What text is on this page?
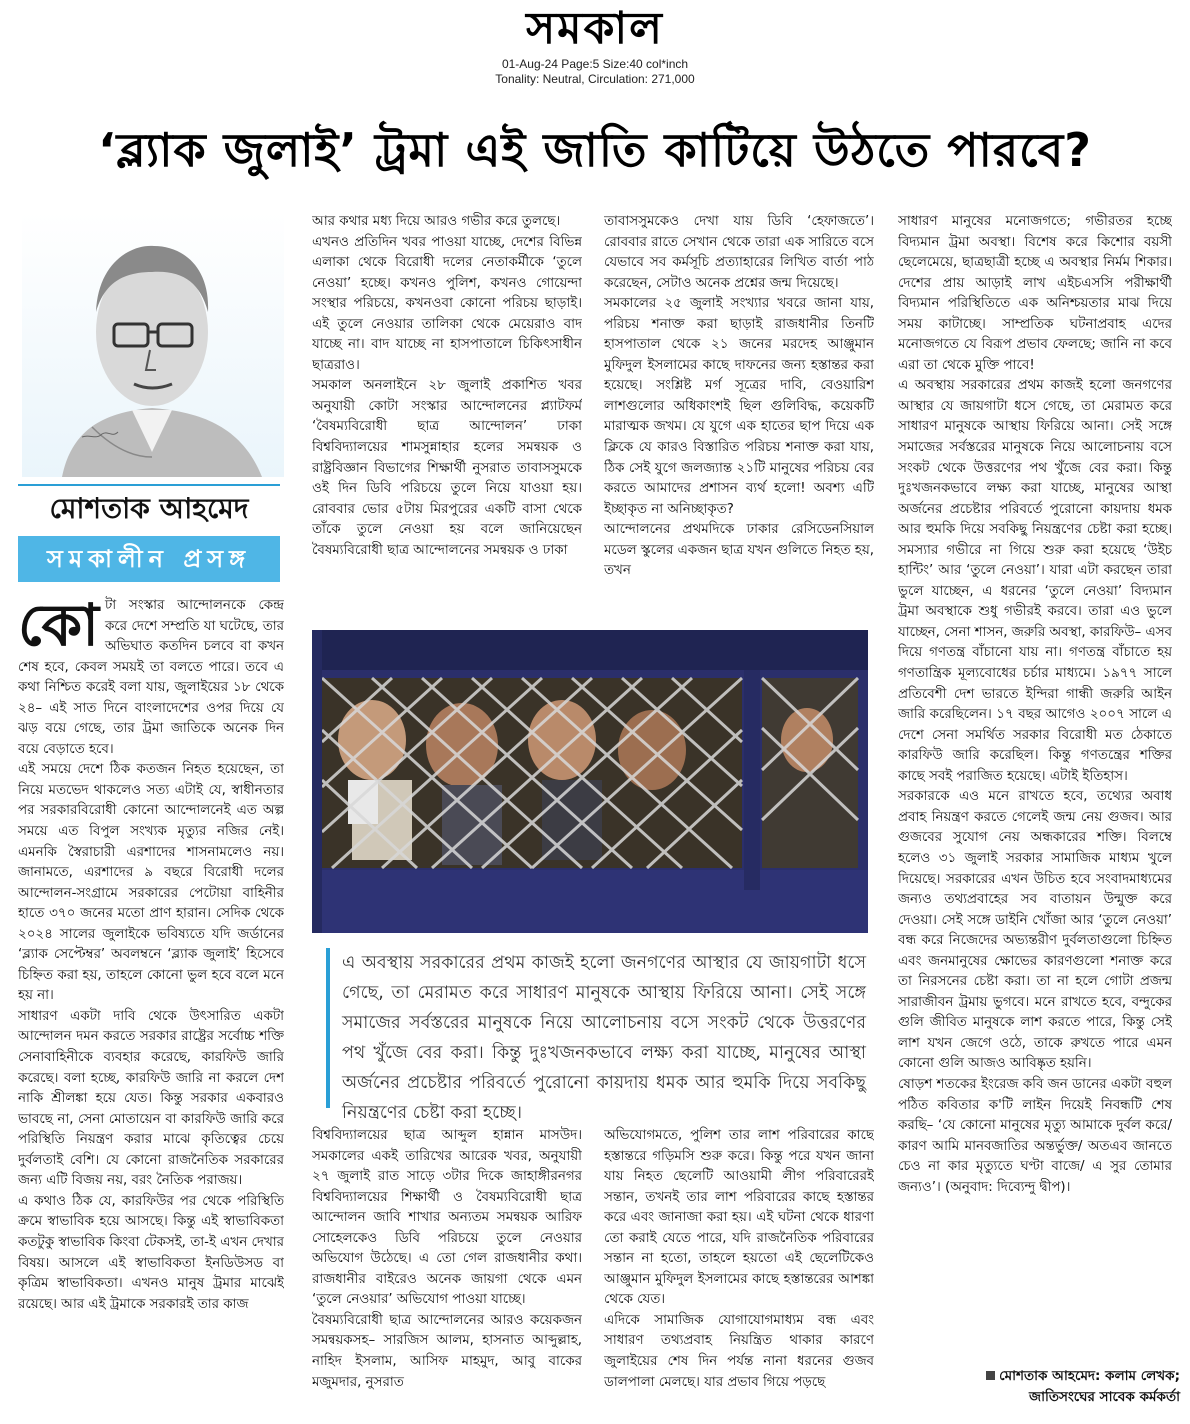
সমকাল
01-Aug-24 Page:5 Size:40 col*inch
Tonality: Neutral, Circulation: 271,000
‘ব্ল্যাক জুলাই’ ট্রমা এই জাতি কাটিয়ে উঠতে পারবে?
মোশতাক আহমেদ
সমকালীন প্রসঙ্গ
কো টা সংস্কার আন্দোলনকে কেন্দ্র করে দেশে সম্প্রতি যা ঘটেছে, তার অভিঘাত কতদিন চলবে বা কখন শেষ হবে, কেবল সময়ই তা বলতে পারে। তবে এ কথা নিশ্চিত করেই বলা যায়, জুলাইয়ের ১৮ থেকে ২৪– এই সাত দিনে বাংলাদেশের ওপর দিয়ে যে ঝড় বয়ে গেছে, তার ট্রমা জাতিকে অনেক দিন বয়ে বেড়াতে হবে।

এই সময়ে দেশে ঠিক কতজন নিহত হয়েছেন, তা নিয়ে মতভেদ থাকলেও সত্য এটাই যে, স্বাধীনতার পর সরকারবিরোধী কোনো আন্দোলনেই এত অল্প সময়ে এত বিপুল সংখ্যক মৃত্যুর নজির নেই। এমনকি স্বৈরাচারী এরশাদের শাসনামলেও নয়। জানামতে, এরশাদের ৯ বছরে বিরোধী দলের আন্দোলন-সংগ্রামে সরকারের পেটোয়া বাহিনীর হাতে ৩৭০ জনের মতো প্রাণ হারান। সেদিক থেকে ২০২৪ সালের জুলাইকে ভবিষ্যতে যদি জর্ডানের ‘ব্ল্যাক সেপ্টেম্বর’ অবলম্বনে ‘ব্ল্যাক জুলাই’ হিসেবে চিহ্নিত করা হয়, তাহলে কোনো ভুল হবে বলে মনে হয় না।

সাধারণ একটা দাবি থেকে উৎসারিত একটা আন্দোলন দমন করতে সরকার রাষ্ট্রের সর্বোচ্চ শক্তি সেনাবাহিনীকে ব্যবহার করেছে, কারফিউ জারি করেছে। বলা হচ্ছে, কারফিউ জারি না করলে দেশ নাকি শ্রীলঙ্কা হয়ে যেত। কিন্তু সরকার একবারও ভাবছে না, সেনা মোতায়েন বা কারফিউ জারি করে পরিস্থিতি নিয়ন্ত্রণ করার মাঝে কৃতিত্বের চেয়ে দুর্বলতাই বেশি। যে কোনো রাজনৈতিক সরকারের জন্য এটি বিজয় নয়, বরং নৈতিক পরাজয়।

এ কথাও ঠিক যে, কারফিউর পর থেকে পরিস্থিতি ক্রমে স্বাভাবিক হয়ে আসছে। কিন্তু এই স্বাভাবিকতা কতটুকু স্বাভাবিক কিংবা টেকসই, তা-ই এখন দেখার বিষয়। আসলে এই স্বাভাবিকতা ইনডিউসড বা কৃত্রিম স্বাভাবিকতা। এখনও মানুষ ট্রমার মাঝেই রয়েছে। আর এই ট্রমাকে সরকারই তার কাজ

আর কথার মধ্য দিয়ে আরও গভীর করে তুলছে।

এখনও প্রতিদিন খবর পাওয়া যাচ্ছে, দেশের বিভিন্ন এলাকা থেকে বিরোধী দলের নেতাকর্মীকে ‘তুলে নেওয়া’ হচ্ছে। কখনও পুলিশ, কখনও গোয়েন্দা সংস্থার পরিচয়ে, কখনওবা কোনো পরিচয় ছাড়াই। এই তুলে নেওয়ার তালিকা থেকে মেয়েরাও বাদ যাচ্ছে না। বাদ যাচ্ছে না হাসপাতালে চিকিৎসাধীন ছাত্ররাও।

সমকাল অনলাইনে ২৮ জুলাই প্রকাশিত খবর অনুযায়ী কোটা সংস্কার আন্দোলনের প্ল্যাটফর্ম ‘বৈষম্যবিরোধী ছাত্র আন্দোলন’ ঢাকা বিশ্ববিদ্যালয়ের শামসুন্নাহার হলের সমন্বয়ক ও রাষ্ট্রবিজ্ঞান বিভাগের শিক্ষার্থী নুসরাত তাবাসসুমকে ওই দিন ডিবি পরিচয়ে তুলে নিয়ে যাওয়া হয়। রোববার ভোর ৫টায় মিরপুরের একটি বাসা থেকে তাঁকে তুলে নেওয়া হয় বলে জানিয়েছেন বৈষম্যবিরোধী ছাত্র আন্দোলনের সমন্বয়ক ও ঢাকা

তাবাসসুমকেও দেখা যায় ডিবি ‘হেফাজতে’। রোববার রাতে সেখান থেকে তারা এক সারিতে বসে যেভাবে সব কর্মসূচি প্রত্যাহারের লিখিত বার্তা পাঠ করেছেন, সেটাও অনেক প্রশ্নের জন্ম দিয়েছে।

সমকালের ২৫ জুলাই সংখ্যার খবরে জানা যায়, পরিচয় শনাক্ত করা ছাড়াই রাজধানীর তিনটি হাসপাতাল থেকে ২১ জনের মরদেহ আঞ্জুমান মুফিদুল ইসলামের কাছে দাফনের জন্য হস্তান্তর করা হয়েছে। সংশ্লিষ্ট মর্গ সূত্রের দাবি, বেওয়ারিশ লাশগুলোর অধিকাংশই ছিল গুলিবিদ্ধ, কয়েকটি মারাত্মক জখম। যে যুগে এক হাতের ছাপ দিয়ে এক ক্লিকে যে কারও বিস্তারিত পরিচয় শনাক্ত করা যায়, ঠিক সেই যুগে জলজ্যান্ত ২১টি মানুষের পরিচয় বের করতে আমাদের প্রশাসন ব্যর্থ হলো! অবশ্য এটি ইচ্ছাকৃত না অনিচ্ছাকৃত?

আন্দোলনের প্রথমদিকে ঢাকার রেসিডেনসিয়াল মডেল স্কুলের একজন ছাত্র যখন গুলিতে নিহত হয়, তখন

এ অবস্থায় সরকারের প্রথম কাজই হলো জনগণের আস্থার যে জায়গাটা ধসে গেছে, তা মেরামত করে সাধারণ মানুষকে আস্থায় ফিরিয়ে আনা। সেই সঙ্গে সমাজের সর্বস্তরের মানুষকে নিয়ে আলোচনায় বসে সংকট থেকে উত্তরণের পথ খুঁজে বের করা। কিন্তু দুঃখজনকভাবে লক্ষ্য করা যাচ্ছে, মানুষের আস্থা অর্জনের প্রচেষ্টার পরিবর্তে পুরোনো কায়দায় ধমক আর হুমকি দিয়ে সবকিছু নিয়ন্ত্রণের চেষ্টা করা হচ্ছে।

বিশ্ববিদ্যালয়ের ছাত্র আব্দুল হান্নান মাসউদ। সমকালের একই তারিখের আরেক খবর, অনুযায়ী ২৭ জুলাই রাত সাড়ে ৩টার দিকে জাহাঙ্গীরনগর বিশ্ববিদ্যালয়ের শিক্ষার্থী ও বৈষম্যবিরোধী ছাত্র আন্দোলন জাবি শাখার অন্যতম সমন্বয়ক আরিফ সোহেলকেও ডিবি পরিচয়ে তুলে নেওয়ার অভিযোগ উঠেছে। এ তো গেল রাজধানীর কথা। রাজধানীর বাইরেও অনেক জায়গা থেকে এমন ‘তুলে নেওয়ার’ অভিযোগ পাওয়া যাচ্ছে।

বৈষম্যবিরোধী ছাত্র আন্দোলনের আরও কয়েকজন সমন্বয়কসহ– সারজিস আলম, হাসনাত আব্দুল্লাহ, নাহিদ ইসলাম, আসিফ মাহমুদ, আবু বাকের মজুমদার, নুসরাত

অভিযোগমতে, পুলিশ তার লাশ পরিবারের কাছে হস্তান্তরে গড়িমসি শুরু করে। কিন্তু পরে যখন জানা যায় নিহত ছেলেটি আওয়ামী লীগ পরিবারেরই সন্তান, তখনই তার লাশ পরিবারের কাছে হস্তান্তর করে এবং জানাজা করা হয়। এই ঘটনা থেকে ধারণা তো করাই যেতে পারে, যদি রাজনৈতিক পরিবারের সন্তান না হতো, তাহলে হয়তো এই ছেলেটিকেও আঞ্জুমান মুফিদুল ইসলামের কাছে হস্তান্তরের আশঙ্কা থেকে যেত।

এদিকে সামাজিক যোগাযোগমাধ্যম বন্ধ এবং সাধারণ তথ্যপ্রবাহ নিয়ন্ত্রিত থাকার কারণে জুলাইয়ের শেষ দিন পর্যন্ত নানা ধরনের গুজব ডালপালা মেলছে। যার প্রভাব গিয়ে পড়ছে

সাধারণ মানুষের মনোজগতে; গভীরতর হচ্ছে বিদ্যমান ট্রমা অবস্থা। বিশেষ করে কিশোর বয়সী ছেলেমেয়ে, ছাত্রছাত্রী হচ্ছে এ অবস্থার নির্মম শিকার। দেশের প্রায় আড়াই লাখ এইচএসসি পরীক্ষার্থী বিদ্যমান পরিস্থিতিতে এক অনিশ্চয়তার মাঝ দিয়ে সময় কাটাচ্ছে। সাম্প্রতিক ঘটনাপ্রবাহ এদের মনোজগতে যে বিরূপ প্রভাব ফেলছে; জানি না কবে এরা তা থেকে মুক্তি পাবে!

এ অবস্থায় সরকারের প্রথম কাজই হলো জনগণের আস্থার যে জায়গাটা ধসে গেছে, তা মেরামত করে সাধারণ মানুষকে আস্থায় ফিরিয়ে আনা। সেই সঙ্গে সমাজের সর্বস্তরের মানুষকে নিয়ে আলোচনায় বসে সংকট থেকে উত্তরণের পথ খুঁজে বের করা। কিন্তু দুঃখজনকভাবে লক্ষ্য করা যাচ্ছে, মানুষের আস্থা অর্জনের প্রচেষ্টার পরিবর্তে পুরোনো কায়দায় ধমক আর হুমকি দিয়ে সবকিছু নিয়ন্ত্রণের চেষ্টা করা হচ্ছে। সমস্যার গভীরে না গিয়ে শুরু করা হয়েছে ‘উইচ হান্টিং’ আর ‘তুলে নেওয়া’। যারা এটা করছেন তারা ভুলে যাচ্ছেন, এ ধরনের ‘তুলে নেওয়া’ বিদ্যমান ট্রমা অবস্থাকে শুধু গভীরই করবে। তারা এও ভুলে যাচ্ছেন, সেনা শাসন, জরুরি অবস্থা, কারফিউ– এসব দিয়ে গণতন্ত্র বাঁচানো যায় না। গণতন্ত্র বাঁচাতে হয় গণতান্ত্রিক মূল্যবোধের চর্চার মাধ্যমে। ১৯৭৭ সালে প্রতিবেশী দেশ ভারতে ইন্দিরা গান্ধী জরুরি আইন জারি করেছিলেন। ১৭ বছর আগেও ২০০৭ সালে এ দেশে সেনা সমর্থিত সরকার বিরোধী মত ঠেকাতে কারফিউ জারি করেছিল। কিন্তু গণতন্ত্রের শক্তির কাছে সবই পরাজিত হয়েছে। এটাই ইতিহাস।

সরকারকে এও মনে রাখতে হবে, তথ্যের অবাধ প্রবাহ নিয়ন্ত্রণ করতে গেলেই জন্ম নেয় গুজব। আর গুজবের সুযোগ নেয় অন্ধকারের শক্তি। বিলম্বে হলেও ৩১ জুলাই সরকার সামাজিক মাধ্যম খুলে দিয়েছে। সরকারের এখন উচিত হবে সংবাদমাধ্যমের জন্যও তথ্যপ্রবাহের সব বাতায়ন উন্মুক্ত করে দেওয়া। সেই সঙ্গে ডাইনি খোঁজা আর ‘তুলে নেওয়া’ বন্ধ করে নিজেদের অভ্যন্তরীণ দুর্বলতাগুলো চিহ্নিত এবং জনমানুষের ক্ষোভের কারণগুলো শনাক্ত করে তা নিরসনের চেষ্টা করা। তা না হলে গোটা প্রজন্ম সারাজীবন ট্রমায় ভুগবে। মনে রাখতে হবে, বন্দুকের গুলি জীবিত মানুষকে লাশ করতে পারে, কিন্তু সেই লাশ যখন জেগে ওঠে, তাকে রুখতে পারে এমন কোনো গুলি আজও আবিষ্কৃত হয়নি।

ষোড়শ শতকের ইংরেজ কবি জন ডানের একটা বহুল পঠিত কবিতার ক'টি লাইন দিয়েই নিবন্ধটি শেষ করছি– ‘যে কোনো মানুষের মৃত্যু আমাকে দুর্বল করে/ কারণ আমি মানবজাতির অন্তর্ভুক্ত/ অতএব জানতে চেও না কার মৃত্যুতে ঘণ্টা বাজে/ এ সুর তোমার জন্যও’। (অনুবাদ: দিব্যেন্দু দ্বীপ)।

মোশতাক আহমেদ: কলাম লেখক;
জাতিসংঘের সাবেক কর্মকর্তা
